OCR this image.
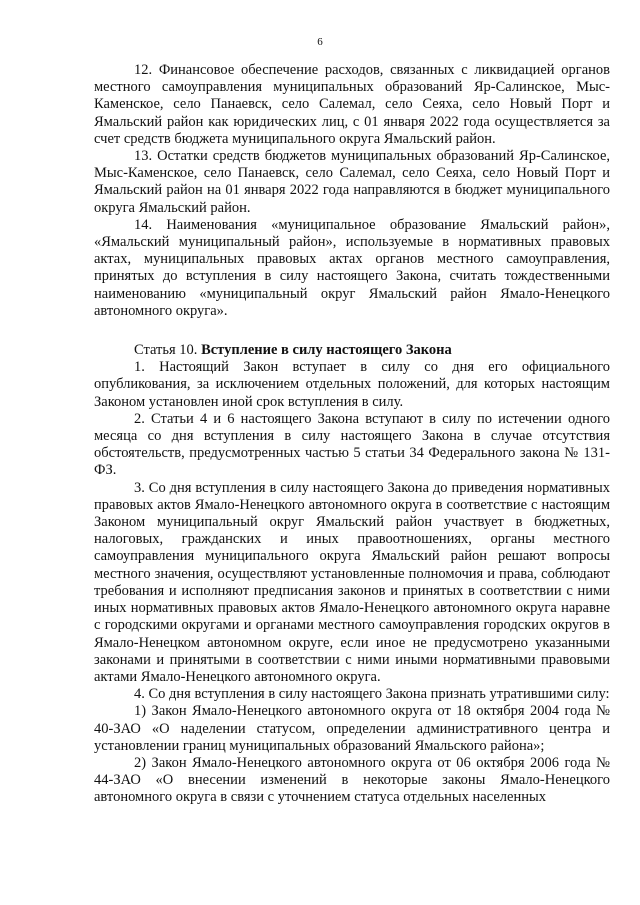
6

12. Финансовое обеспечение расходов, связанных с ликвидацией органов местного самоуправления муниципальных образований Яр-Салинское, Мыс-Каменское, село Панаевск, село Салемал, село Сеяха, село Новый Порт и Ямальский район как юридических лиц, с 01 января 2022 года осуществляется за счет средств бюджета муниципального округа Ямальский район.

13. Остатки средств бюджетов муниципальных образований Яр-Салинское, Мыс-Каменское, село Панаевск, село Салемал, село Сеяха, село Новый Порт и Ямальский район на 01 января 2022 года направляются в бюджет муниципального округа Ямальский район.

14. Наименования «муниципальное образование Ямальский район», «Ямальский муниципальный район», используемые в нормативных правовых актах, муниципальных правовых актах органов местного самоуправления, принятых до вступления в силу настоящего Закона, считать тождественными наименованию «муниципальный округ Ямальский район Ямало-Ненецкого автономного округа».

Статья 10. Вступление в силу настоящего Закона

1. Настоящий Закон вступает в силу со дня его официального опубликования, за исключением отдельных положений, для которых настоящим Законом установлен иной срок вступления в силу.

2. Статьи 4 и 6 настоящего Закона вступают в силу по истечении одного месяца со дня вступления в силу настоящего Закона в случае отсутствия обстоятельств, предусмотренных частью 5 статьи 34 Федерального закона № 131-ФЗ.

3. Со дня вступления в силу настоящего Закона до приведения нормативных правовых актов Ямало-Ненецкого автономного округа в соответствие с настоящим Законом муниципальный округ Ямальский район участвует в бюджетных, налоговых, гражданских и иных правоотношениях, органы местного самоуправления муниципального округа Ямальский район решают вопросы местного значения, осуществляют установленные полномочия и права, соблюдают требования и исполняют предписания законов и принятых в соответствии с ними иных нормативных правовых актов Ямало-Ненецкого автономного округа наравне с городскими округами и органами местного самоуправления городских округов в Ямало-Ненецком автономном округе, если иное не предусмотрено указанными законами и принятыми в соответствии с ними иными нормативными правовыми актами Ямало-Ненецкого автономного округа.

4. Со дня вступления в силу настоящего Закона признать утратившими силу:

1) Закон Ямало-Ненецкого автономного округа от 18 октября 2004 года № 40-ЗАО «О наделении статусом, определении административного центра и установлении границ муниципальных образований Ямальского района»;

2) Закон Ямало-Ненецкого автономного округа от 06 октября 2006 года № 44-ЗАО «О внесении изменений в некоторые законы Ямало-Ненецкого автономного округа в связи с уточнением статуса отдельных населенных
